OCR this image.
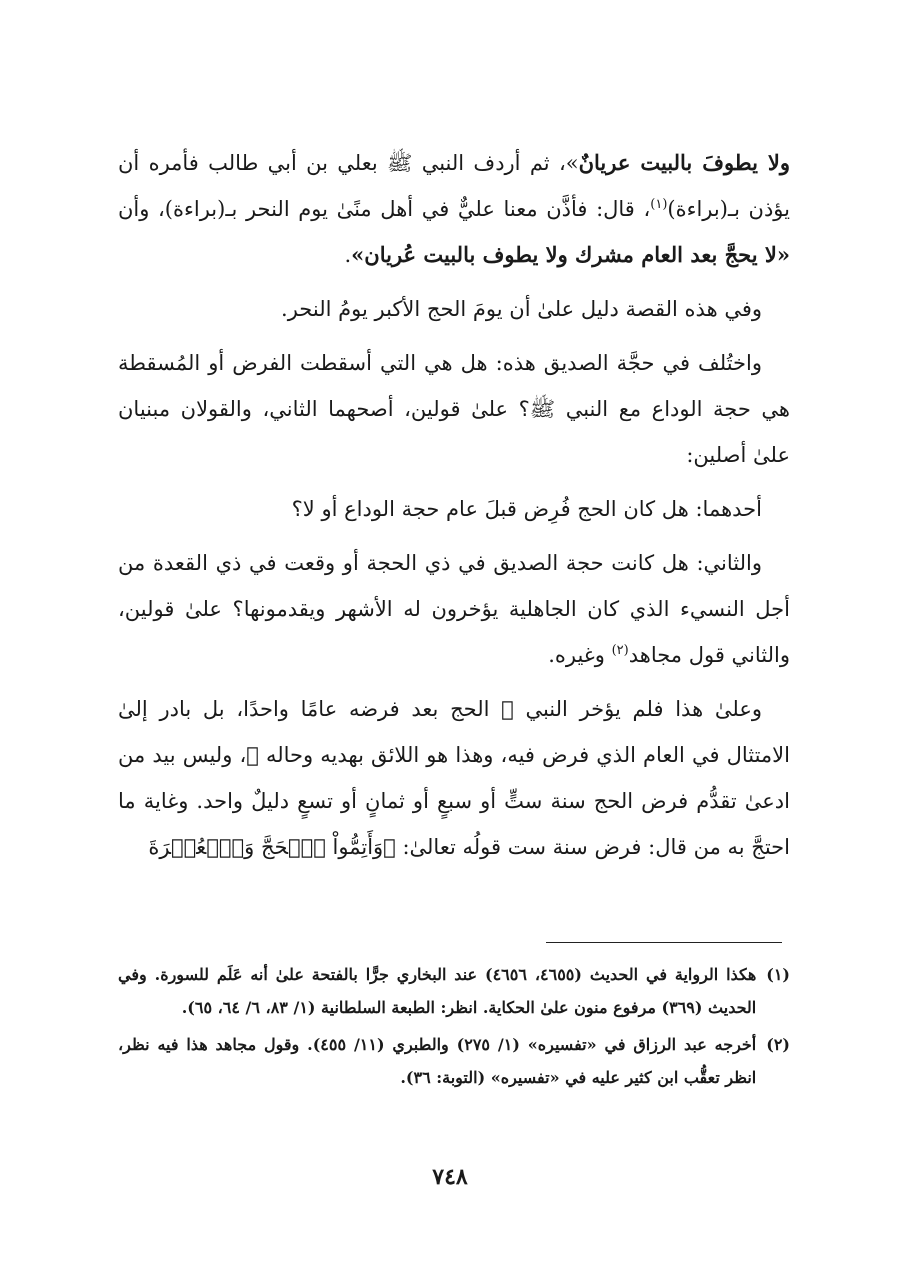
ولا يطوفَ بالبيت عريانٌ»، ثم أردف النبي ﷺ بعلي بن أبي طالب فأمره أن يؤذن بـ(براءة)$^{(١)}$، قال: فأذَّن معنا عليٌّ في أهل منًىٰ يوم النحر بـ(براءة)، وأن «لا يحجَّ بعد العام مشرك ولا يطوف بالبيت عُريان».

وفي هذه القصة دليل علىٰ أن يومَ الحج الأكبر يومُ النحر.

واختُلف في حجَّة الصديق هذه: هل هي التي أسقطت الفرض أو المُسقطة هي حجة الوداع مع النبي ﷺ؟ علىٰ قولين، أصحهما الثاني، والقولان مبنيان علىٰ أصلين:

أحدهما: هل كان الحج فُرِض قبلَ عام حجة الوداع أو لا؟

والثاني: هل كانت حجة الصديق في ذي الحجة أو وقعت في ذي القعدة من أجل النسيء الذي كان الجاهلية يؤخرون له الأشهر ويقدمونها؟ علىٰ قولين، والثاني قول مجاهد$^{(٢)}$ وغيره.

وعلىٰ هذا فلم يؤخر النبي ﷺ الحج بعد فرضه عامًا واحدًا، بل بادر إلىٰ الامتثال في العام الذي فرض فيه، وهذا هو اللائق بهديه وحاله ﷺ، وليس بيد من ادعىٰ تقدُّم فرض الحج سنة ستٍّ أو سبعٍ أو ثمانٍ أو تسعٍ دليلٌ واحد. وغاية ما احتجَّ به من قال: فرض سنة ست قولُه تعالىٰ: ﴿وَأَتِمُّواْ ٱلۡحَجَّ وَٱلۡعُمۡرَةَ

(١)
هكذا الرواية في الحديث (٤٦٥٥، ٤٦٥٦) عند البخاري جرًّا بالفتحة علىٰ أنه عَلَم للسورة. وفي الحديث (٣٦٩) مرفوع منون علىٰ الحكاية. انظر: الطبعة السلطانية (١/ ٨٣، ٦/ ٦٤، ٦٥).
(٢)
أخرجه عبد الرزاق في «تفسيره» (١/ ٢٧٥) والطبري (١١/ ٤٥٥). وقول مجاهد هذا فيه نظر، انظر تعقُّب ابن كثير عليه في «تفسيره» (التوبة: ٣٦).
٧٤٨
